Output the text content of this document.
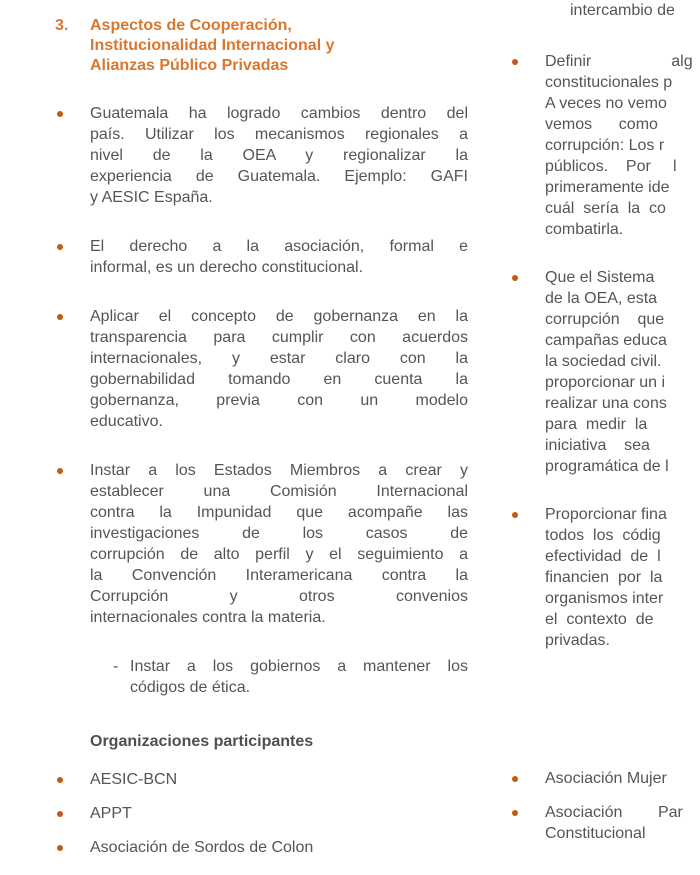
3. Aspectos de Cooperación,
Institucionalidad Internacional y
Alianzas Público Privadas
Guatemala ha logrado cambios dentro del
país. Utilizar los mecanismos regionales a
nivel de la OEA y regionalizar la
experiencia de Guatemala. Ejemplo: GAFI
y AESIC España.
El derecho a la asociación, formal e
informal, es un derecho constitucional.
Aplicar el concepto de gobernanza en la
transparencia para cumplir con acuerdos
internacionales, y estar claro con la
gobernabilidad tomando en cuenta la
gobernanza, previa con un modelo
educativo.
Instar a los Estados Miembros a crear y
establecer una Comisión Internacional
contra la Impunidad que acompañe las
investigaciones de los casos de
corrupción de alto perfil y el seguimiento a
la Convención Interamericana contra la
Corrupción y otros convenios
internacionales contra la materia.
- Instar a los gobiernos a mantener los
códigos de ética.
Organizaciones participantes
AESIC-BCN
APPT
Asociación de Sordos de Colon
intercambio de
Definir                  alg
constitucionales p
A veces no vemo
vemos      como
corrupción: Los r
públicos.    Por     l
primeramente ide
cuál  sería  la  co
combatirla.
Que el Sistema
de la OEA, esta
corrupción    que
campañas educa
la sociedad civil.
proporcionar un i
realizar una cons
para  medir  la
iniciativa    sea
programática de l
Proporcionar fina
todos  los  códig
efectividad  de  l
financien  por  la
organismos inter
el  contexto  de
privadas.
Asociación Mujer
Asociación        Par
Constitucional
